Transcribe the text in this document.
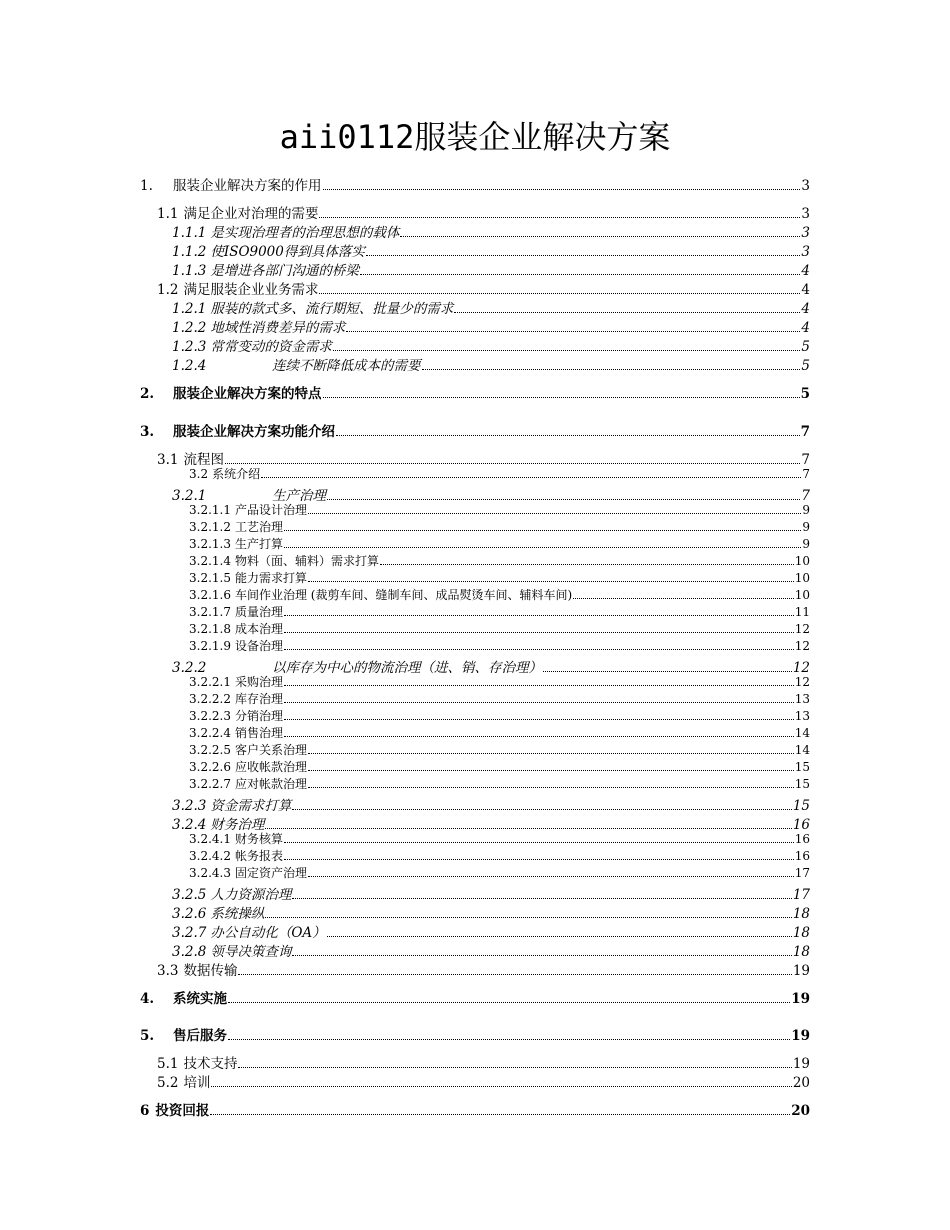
aii0112服装企业解决方案
1.	服装企业解决方案的作用	3
1.1 满足企业对治理的需要	3
1.1.1 是实现治理者的治理思想的载体	3
1.1.2 使ISO9000得到具体落实	3
1.1.3 是增进各部门沟通的桥梁	4
1.2 满足服装企业业务需求	4
1.2.1 服装的款式多、流行期短、批量少的需求	4
1.2.2 地域性消费差异的需求	4
1.2.3 常常变动的资金需求	5
1.2.4	连续不断降低成本的需要	5
2.	服装企业解决方案的特点	5
3.	服装企业解决方案功能介绍	7
3.1 流程图	7
3.2 系统介绍	7
3.2.1	生产治理	7
3.2.1.1 产品设计治理	9
3.2.1.2 工艺治理	9
3.2.1.3 生产打算	9
3.2.1.4 物料（面、辅料）需求打算	10
3.2.1.5 能力需求打算	10
3.2.1.6 车间作业治理 (裁剪车间、缝制车间、成品熨烫车间、辅料车间)	10
3.2.1.7 质量治理	11
3.2.1.8 成本治理	12
3.2.1.9 设备治理	12
3.2.2	以库存为中心的物流治理（进、销、存治理）	12
3.2.2.1 采购治理	12
3.2.2.2 库存治理	13
3.2.2.3 分销治理	13
3.2.2.4 销售治理	14
3.2.2.5 客户关系治理	14
3.2.2.6 应收帐款治理	15
3.2.2.7 应对帐款治理	15
3.2.3 资金需求打算	15
3.2.4 财务治理	16
3.2.4.1 财务核算	16
3.2.4.2 帐务报表	16
3.2.4.3 固定资产治理	17
3.2.5 人力资源治理	17
3.2.6 系统操纵	18
3.2.7 办公自动化（OA）	18
3.2.8 领导决策查询	18
3.3 数据传输	19
4.	系统实施	19
5.	售后服务	19
5.1 技术支持	19
5.2 培训	20
6 投资回报	20
